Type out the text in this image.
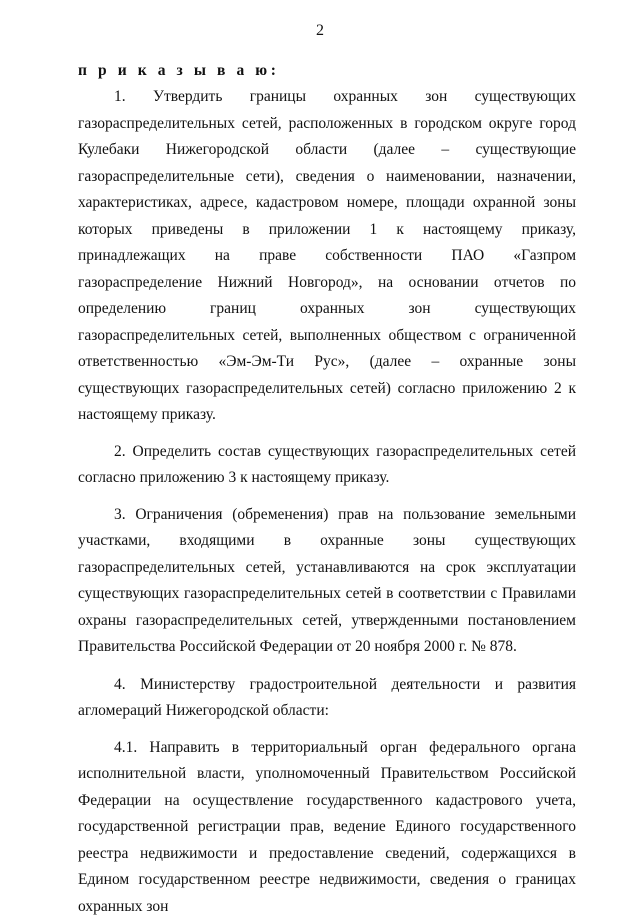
2

п р и к а з ы в а ю:

1. Утвердить границы охранных зон существующих газораспределительных сетей, расположенных в городском округе город Кулебаки Нижегородской области (далее – существующие газораспределительные сети), сведения о наименовании, назначении, характеристиках, адресе, кадастровом номере, площади охранной зоны которых приведены в приложении 1 к настоящему приказу, принадлежащих на праве собственности ПАО «Газпром газораспределение Нижний Новгород», на основании отчетов по определению границ охранных зон существующих газораспределительных сетей, выполненных обществом с ограниченной ответственностью «Эм-Эм-Ти Рус», (далее – охранные зоны существующих газораспределительных сетей) согласно приложению 2 к настоящему приказу.

2. Определить состав существующих газораспределительных сетей согласно приложению 3 к настоящему приказу.

3. Ограничения (обременения) прав на пользование земельными участками, входящими в охранные зоны существующих газораспределительных сетей, устанавливаются на срок эксплуатации существующих газораспределительных сетей в соответствии с Правилами охраны газораспределительных сетей, утвержденными постановлением Правительства Российской Федерации от 20 ноября 2000 г. № 878.

4. Министерству градостроительной деятельности и развития агломераций Нижегородской области:

4.1. Направить в территориальный орган федерального органа исполнительной власти, уполномоченный Правительством Российской Федерации на осуществление государственного кадастрового учета, государственной регистрации прав, ведение Единого государственного реестра недвижимости и предоставление сведений, содержащихся в Едином государственном реестре недвижимости, сведения о границах охранных зон
